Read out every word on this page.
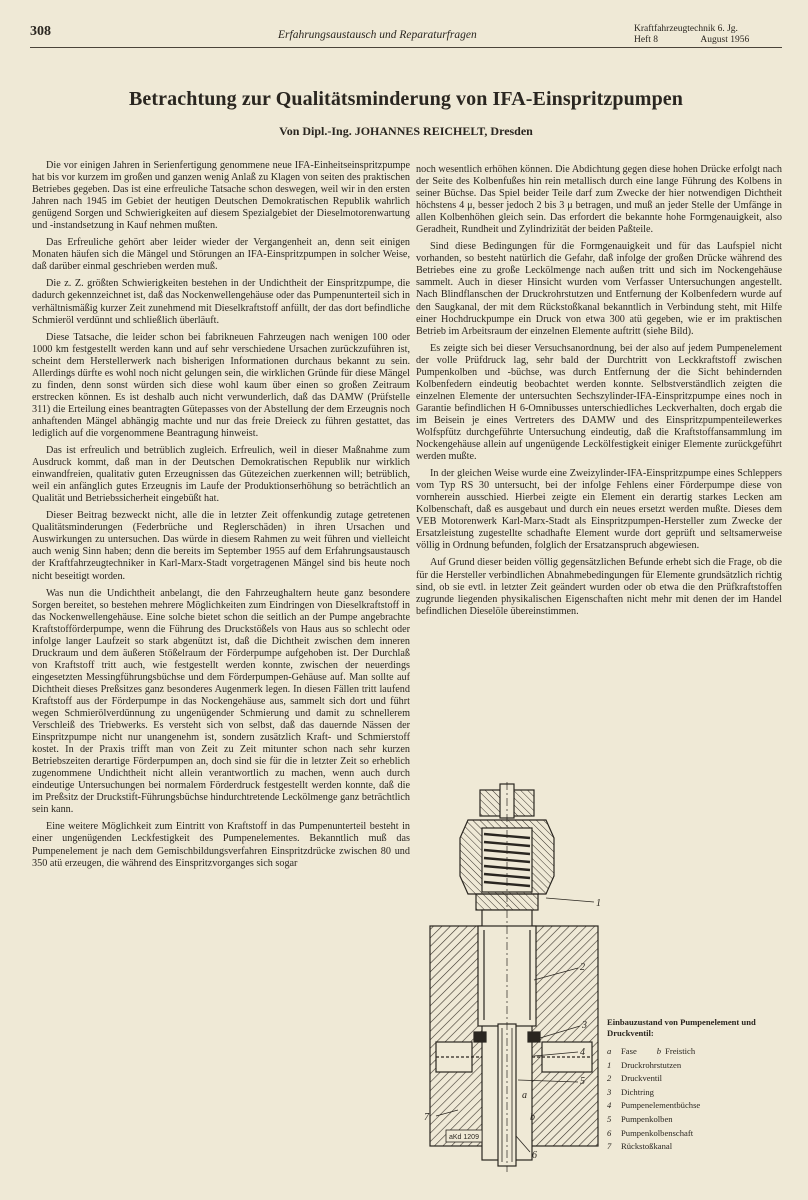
308	Erfahrungsaustausch und Reparaturfragen	Kraftfahrzeugtechnik 6. Jg.
Heft 8	August 1956
Betrachtung zur Qualitätsminderung von IFA-Einspritzpumpen
Von Dipl.-Ing. JOHANNES REICHELT, Dresden

Die vor einigen Jahren in Serienfertigung genommene neue IFA-Einheitseinspritzpumpe hat bis vor kurzem im großen und ganzen wenig Anlaß zu Klagen von seiten des praktischen Betriebes gegeben. Das ist eine erfreuliche Tatsache schon deswegen, weil wir in den ersten Jahren nach 1945 im Gebiet der heutigen Deutschen Demokratischen Republik wahrlich genügend Sorgen und Schwierigkeiten auf diesem Spezialgebiet der Dieselmotorenwartung und -instandsetzung in Kauf nehmen mußten.

Das Erfreuliche gehört aber leider wieder der Vergangenheit an, denn seit einigen Monaten häufen sich die Mängel und Störungen an IFA-Einspritzpumpen in solcher Weise, daß darüber einmal geschrieben werden muß.

Die z. Z. größten Schwierigkeiten bestehen in der Undichtheit der Einspritzpumpe, die dadurch gekennzeichnet ist, daß das Nockenwellengehäuse oder das Pumpenunterteil sich in verhältnismäßig kurzer Zeit zunehmend mit Dieselkraftstoff anfüllt, der das dort befindliche Schmieröl verdünnt und schließlich überläuft.

Diese Tatsache, die leider schon bei fabrikneuen Fahrzeugen nach wenigen 100 oder 1000 km festgestellt werden kann und auf sehr verschiedene Ursachen zurückzuführen ist, scheint dem Herstellerwerk nach bisherigen Informationen durchaus bekannt zu sein. Allerdings dürfte es wohl noch nicht gelungen sein, die wirklichen Gründe für diese Mängel zu finden, denn sonst würden sich diese wohl kaum über einen so großen Zeitraum erstrecken können. Es ist deshalb auch nicht verwunderlich, daß das DAMW (Prüfstelle 311) die Erteilung eines beantragten Gütepasses von der Abstellung der dem Erzeugnis noch anhaftenden Mängel abhängig machte und nur das freie Dreieck zu führen gestattet, das lediglich auf die vorgenommene Beantragung hinweist.

Das ist erfreulich und betrüblich zugleich. Erfreulich, weil in dieser Maßnahme zum Ausdruck kommt, daß man in der Deutschen Demokratischen Republik nur wirklich einwandfreien, qualitativ guten Erzeugnissen das Gütezeichen zuerkennen will; betrüblich, weil ein anfänglich gutes Erzeugnis im Laufe der Produktionserhöhung so beträchtlich an Qualität und Betriebssicherheit eingebüßt hat.

Dieser Beitrag bezweckt nicht, alle die in letzter Zeit offenkundig zutage getretenen Qualitätsminderungen (Federbrüche und Reglerschäden) in ihren Ursachen und Auswirkungen zu untersuchen. Das würde in diesem Rahmen zu weit führen und vielleicht auch wenig Sinn haben; denn die bereits im September 1955 auf dem Erfahrungsaustausch der Kraftfahrzeugtechniker in Karl-Marx-Stadt vorgetragenen Mängel sind bis heute noch nicht beseitigt worden.

Was nun die Undichtheit anbelangt, die den Fahrzeughaltern heute ganz besondere Sorgen bereitet, so bestehen mehrere Möglichkeiten zum Eindringen von Dieselkraftstoff in das Nockenwellengehäuse. Eine solche bietet schon die seitlich an der Pumpe angebrachte Kraftstofförderpumpe, wenn die Führung des Druckstößels von Haus aus so schlecht oder infolge langer Laufzeit so stark abgenützt ist, daß die Dichtheit zwischen dem inneren Druckraum und dem äußeren Stößelraum der Förderpumpe aufgehoben ist. Der Durchlaß von Kraftstoff tritt auch, wie festgestellt werden konnte, zwischen der neuerdings eingesetzten Messingführungsbüchse und dem Förderpumpen-Gehäuse auf. Man sollte auf Dichtheit dieses Preßsitzes ganz besonderes Augenmerk legen. In diesen Fällen tritt laufend Kraftstoff aus der Förderpumpe in das Nockengehäuse aus, sammelt sich dort und führt wegen Schmierölverdünnung zu ungenügender Schmierung und damit zu schnellerem Verschleiß des Triebwerks. Es versteht sich von selbst, daß das dauernde Nässen der Einspritzpumpe nicht nur unangenehm ist, sondern zusätzlich Kraft- und Schmierstoff kostet. In der Praxis trifft man von Zeit zu Zeit mitunter schon nach sehr kurzen Betriebszeiten derartige Förderpumpen an, doch sind sie für die in letzter Zeit so erheblich zugenommene Undichtheit nicht allein verantwortlich zu machen, wenn auch durch eindeutige Untersuchungen bei normalem Förderdruck festgestellt werden konnte, daß die im Preßsitz der Druckstift-Führungsbüchse hindurchtretende Leckölmenge ganz beträchtlich sein kann.

Eine weitere Möglichkeit zum Eintritt von Kraftstoff in das Pumpenunterteil besteht in einer ungenügenden Leckfestigkeit des Pumpenelementes. Bekanntlich muß das Pumpenelement je nach dem Gemischbildungsverfahren Einspritzdrücke zwischen 80 und 350 atü erzeugen, die während des Einspritzvorganges sich sogar

noch wesentlich erhöhen können. Die Abdichtung gegen diese hohen Drücke erfolgt nach der Seite des Kolbenfußes hin rein metallisch durch eine lange Führung des Kolbens in seiner Büchse. Das Spiel beider Teile darf zum Zwecke der hier notwendigen Dichtheit höchstens 4 μ, besser jedoch 2 bis 3 μ betragen, und muß an jeder Stelle der Umfänge in allen Kolbenhöhen gleich sein. Das erfordert die bekannte hohe Formgenauigkeit, also Geradheit, Rundheit und Zylindrizität der beiden Paßteile.

Sind diese Bedingungen für die Formgenauigkeit und für das Laufspiel nicht vorhanden, so besteht natürlich die Gefahr, daß infolge der großen Drücke während des Betriebes eine zu große Leckölmenge nach außen tritt und sich im Nockengehäuse sammelt. Auch in dieser Hinsicht wurden vom Verfasser Untersuchungen angestellt. Nach Blindflanschen der Druckrohrstutzen und Entfernung der Kolbenfedern wurde auf den Saugkanal, der mit dem Rückstoßkanal bekanntlich in Verbindung steht, mit Hilfe einer Hochdruckpumpe ein Druck von etwa 300 atü gegeben, wie er im praktischen Betrieb im Arbeitsraum der einzelnen Elemente auftritt (siehe Bild).

Es zeigte sich bei dieser Versuchsanordnung, bei der also auf jedem Pumpenelement der volle Prüfdruck lag, sehr bald der Durchtritt von Leckkraftstoff zwischen Pumpenkolben und -büchse, was durch Entfernung der die Sicht behindernden Kolbenfedern eindeutig beobachtet werden konnte. Selbstverständlich zeigten die einzelnen Elemente der untersuchten Sechszylinder-IFA-Einspritzpumpe eines noch in Garantie befindlichen H 6-Omnibusses unterschiedliches Leckverhalten, doch ergab die im Beisein je eines Vertreters des DAMW und des Einspritzpumpenteilewerkes Wolfspfütz durchgeführte Untersuchung eindeutig, daß die Kraftstoffansammlung im Nockengehäuse allein auf ungenügende Leckölfestigkeit einiger Elemente zurückgeführt werden mußte.

In der gleichen Weise wurde eine Zweizylinder-IFA-Einspritzpumpe eines Schleppers vom Typ RS 30 untersucht, bei der infolge Fehlens einer Förderpumpe diese von vornherein ausschied. Hierbei zeigte ein Element ein derartig starkes Lecken am Kolbenschaft, daß es ausgebaut und durch ein neues ersetzt werden mußte. Dieses dem VEB Motorenwerk Karl-Marx-Stadt als Einspritzpumpen-Hersteller zum Zwecke der Ersatzleistung zugestellte schadhafte Element wurde dort geprüft und seltsamerweise völlig in Ordnung befunden, folglich der Ersatzanspruch abgewiesen.

Auf Grund dieser beiden völlig gegensätzlichen Befunde erhebt sich die Frage, ob die für die Hersteller verbindlichen Abnahmebedingungen für Elemente grundsätzlich richtig sind, ob sie evtl. in letzter Zeit geändert wurden oder ob etwa die den Prüfkraftstoffen zugrunde liegenden physikalischen Eigenschaften nicht mehr mit denen der im Handel befindlichen Dieselöle übereinstimmen.

1
2
3
4
5
6
7
a
b
aKd 1209
Einbauzustand von Pumpenelement und Druckventil:
a Fase b Freistich
1 Druckrohrstutzen
2 Druckventil
3 Dichtring
4 Pumpenelementbüchse
5 Pumpenkolben
6 Pumpenkolbenschaft
7 Rückstoßkanal
